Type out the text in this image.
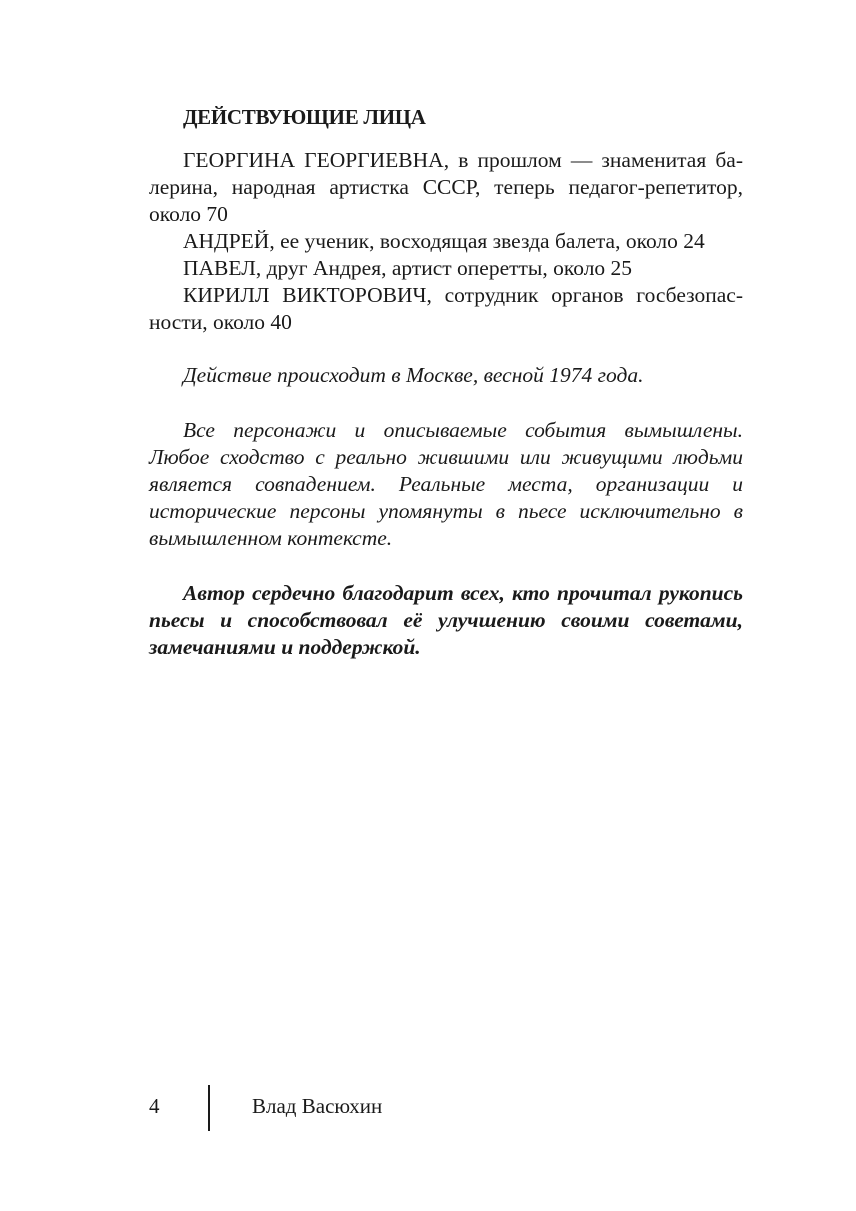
ДЕЙСТВУЮЩИЕ ЛИЦА

ГЕОРГИНА ГЕОРГИЕВНА, в прошлом — знаменитая балерина, народная артистка СССР, теперь педагог-репетитор, около 70

АНДРЕЙ, ее ученик, восходящая звезда балета, около 24

ПАВЕЛ, друг Андрея, артист оперетты, около 25

КИРИЛЛ ВИКТОРОВИЧ, сотрудник органов госбезопасности, около 40

Действие происходит в Москве, весной 1974 года.

Все персонажи и описываемые события вымышлены. Любое сходство с реально жившими или живущими людьми является совпадением. Реальные места, организации и исторические персоны упомянуты в пьесе исключительно в вымышленном контексте.

Автор сердечно благодарит всех, кто прочитал рукопись пьесы и способствовал её улучшению своими советами, замечаниями и поддержкой.

4	Влад Васюхин
